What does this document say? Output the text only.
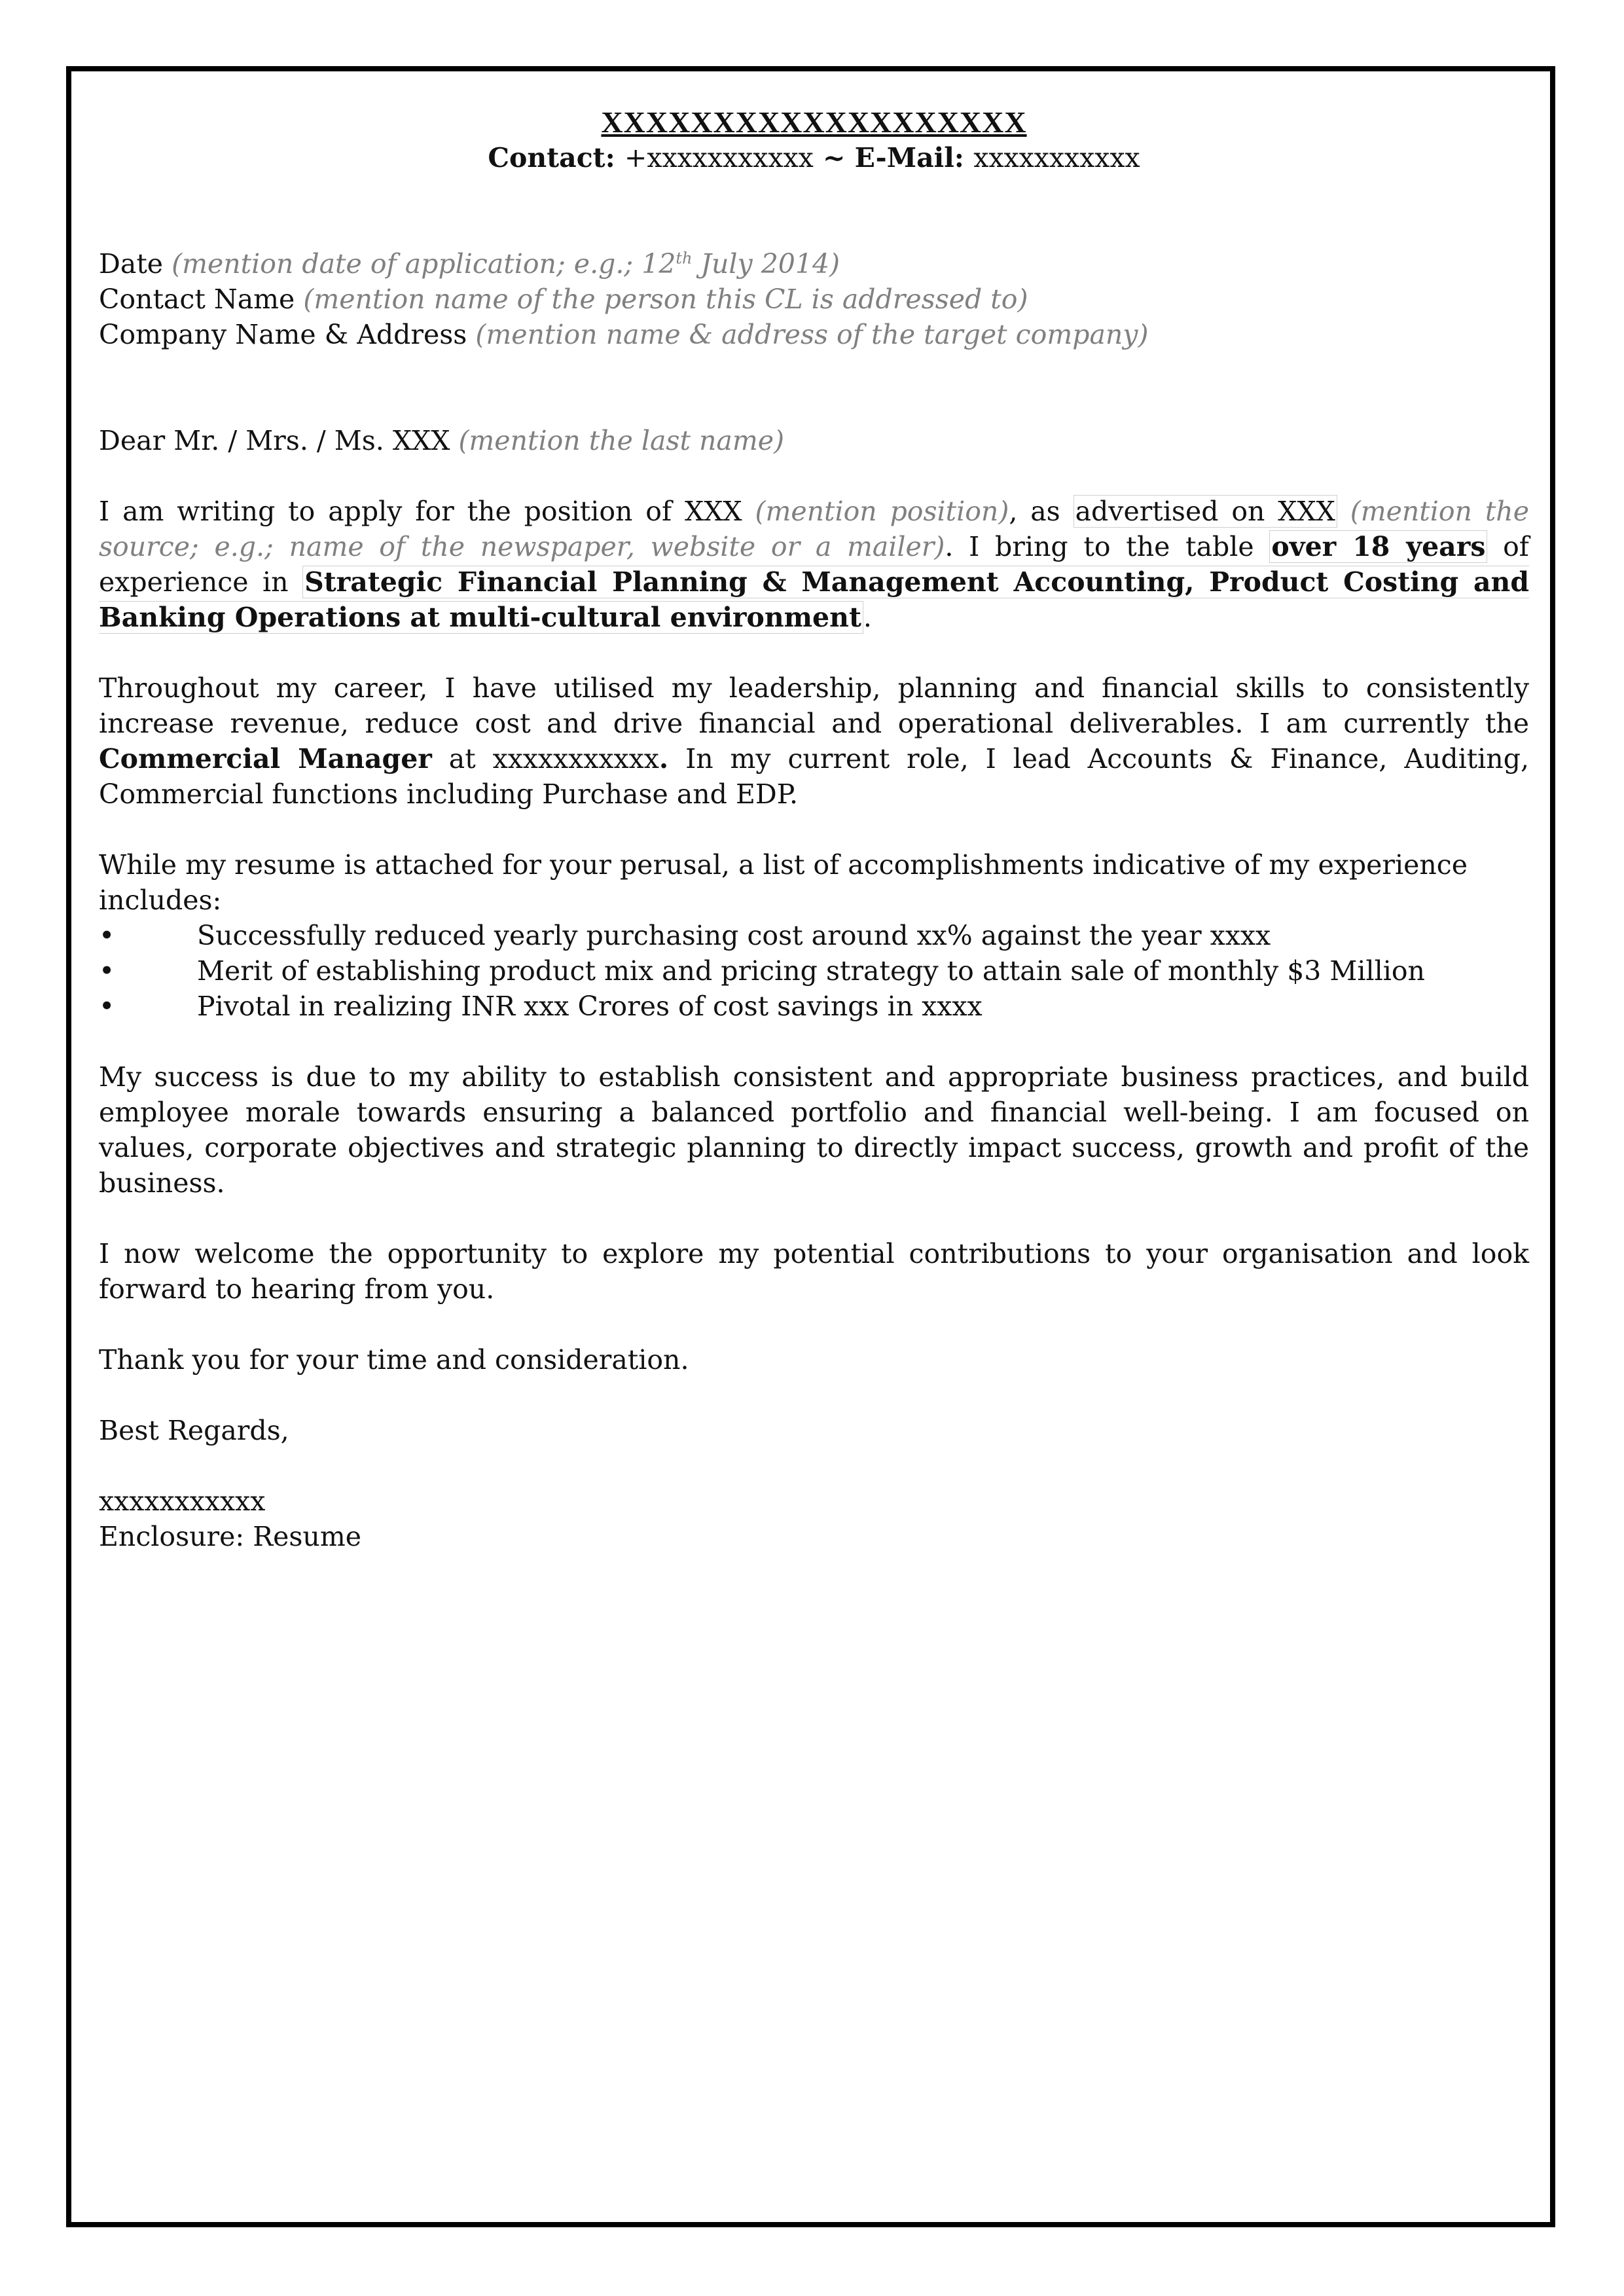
XXXXXXXXXXXXXXXXXXX
Contact: +xxxxxxxxxxx ~ E-Mail: xxxxxxxxxxx
Date (mention date of application; e.g.; 12th July 2014)
Contact Name (mention name of the person this CL is addressed to)
Company Name & Address (mention name & address of the target company)
Dear Mr. / Mrs. / Ms. XXX (mention the last name)

I am writing to apply for the position of XXX (mention position), as advertised on XXX (mention the source; e.g.; name of the newspaper, website or a mailer). I bring to the table over 18 years of experience in Strategic Financial Planning & Management Accounting, Product Costing and Banking Operations at multi-cultural environment.

Throughout my career, I have utilised my leadership, planning and financial skills to consistently increase revenue, reduce cost and drive financial and operational deliverables. I am currently the Commercial Manager at xxxxxxxxxxx. In my current role, I lead Accounts & Finance, Auditing, Commercial functions including Purchase and EDP.

While my resume is attached for your perusal, a list of accomplishments indicative of my experience includes:
•	Successfully reduced yearly purchasing cost around xx% against the year xxxx
•	Merit of establishing product mix and pricing strategy to attain sale of monthly $3 Million
•	Pivotal in realizing INR xxx Crores of cost savings in xxxx

My success is due to my ability to establish consistent and appropriate business practices, and build employee morale towards ensuring a balanced portfolio and financial well-being. I am focused on values, corporate objectives and strategic planning to directly impact success, growth and profit of the business.

I now welcome the opportunity to explore my potential contributions to your organisation and look forward to hearing from you.

Thank you for your time and consideration.

Best Regards,
xxxxxxxxxxx
Enclosure: Resume
